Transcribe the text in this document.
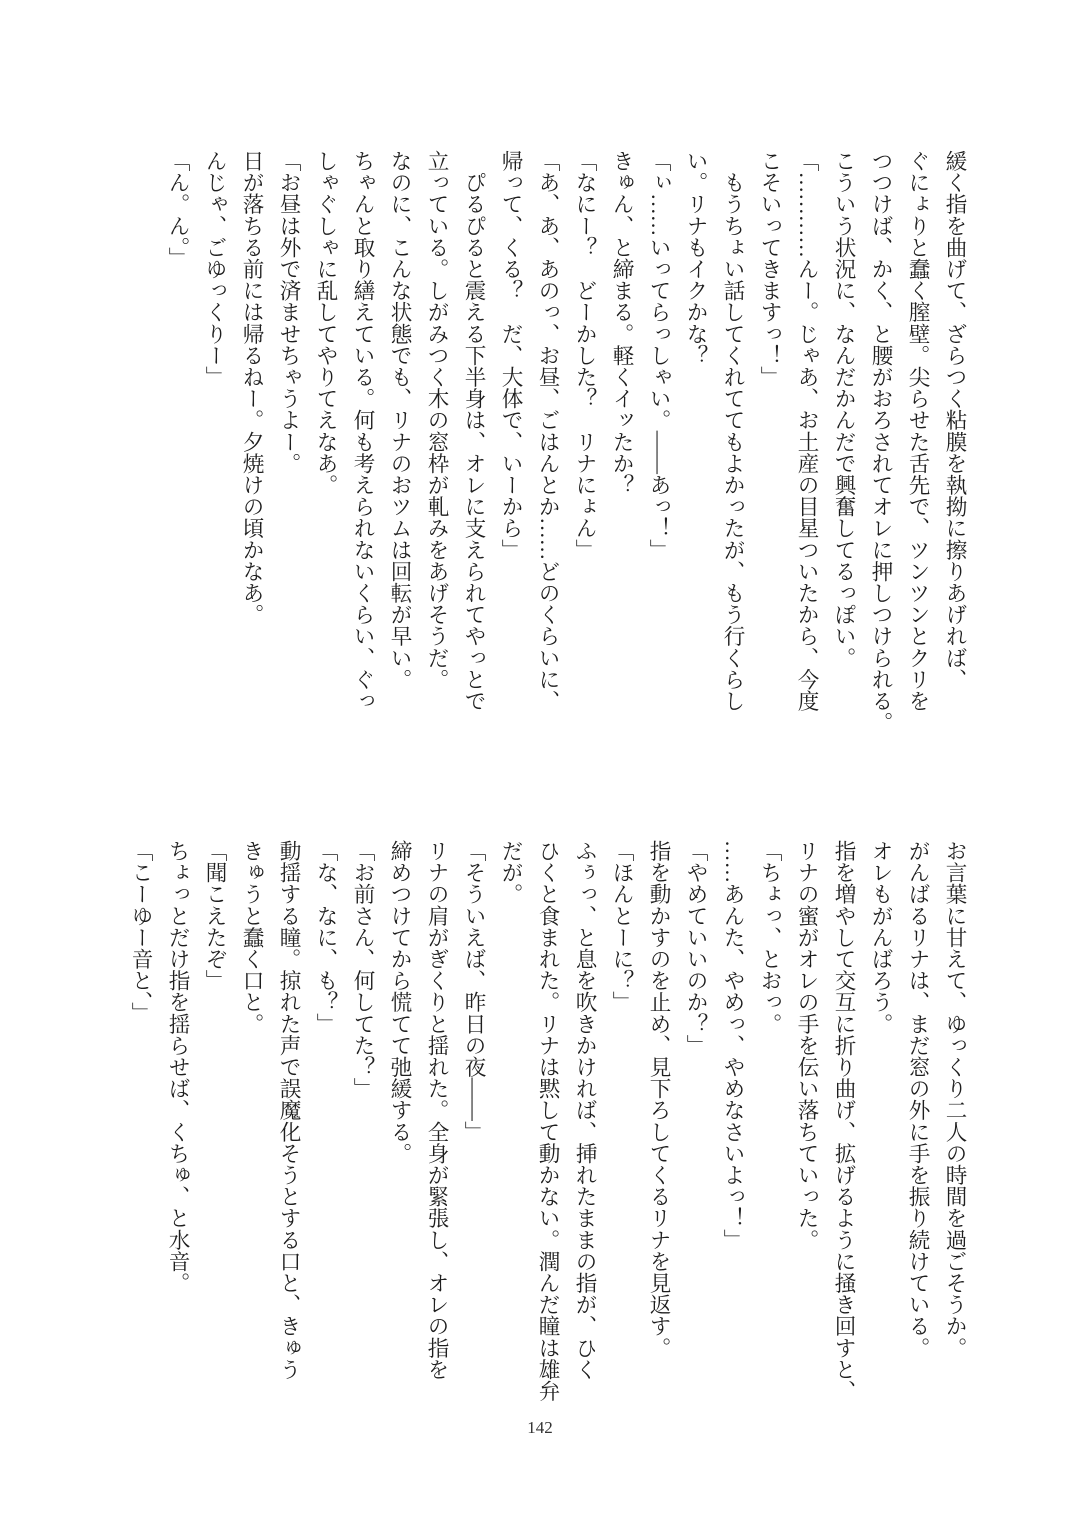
緩く指を曲げて、ざらつく粘膜を執拗に擦りあげれば、
ぐにょりと蠢く膣壁。尖らせた舌先で、ツンツンとクリを
つつけば、かく、と腰がおろされてオレに押しつけられる。
こういう状況に、なんだかんだで興奮してるっぽい。
「…………んー。じゃあ、お土産の目星ついたから、今度
こそいってきますっ！」
　もうちょい話してくれててもよかったが、もう行くらし
い。リナもイクかな？
「ぃ……いってらっしゃい。――あっ！」
きゅん、と締まる。軽くイッたか？
「なにー？　どーかした？　リナにょん」
「あ、あ、あのっ、お昼、ごはんとか……どのくらいに、
帰って、くる？　だ、大体で、いーから」
　ぴるぴると震える下半身は、オレに支えられてやっとで
立っている。しがみつく木の窓枠が軋みをあげそうだ。
なのに、こんな状態でも、リナのおツムは回転が早い。
ちゃんと取り繕えている。何も考えられないくらい、ぐっ
しゃぐしゃに乱してやりてえなあ。
「お昼は外で済ませちゃうよー。
日が落ちる前には帰るねー。夕焼けの頃かなあ。
んじゃ、ごゆっくりー」
「ん。ん。」
お言葉に甘えて、ゆっくり二人の時間を過ごそうか。
がんばるリナは、まだ窓の外に手を振り続けている。
オレもがんばろう。
指を増やして交互に折り曲げ、拡げるように掻き回すと、
リナの蜜がオレの手を伝い落ちていった。
「ちょっ、とおっ。
……あんた、やめっ、やめなさいよっ！」
「やめていいのか？」
指を動かすのを止め、見下ろしてくるリナを見返す。
「ほんとーに？」
ふぅっ、と息を吹きかければ、挿れたままの指が、ひく
ひくと食まれた。リナは黙して動かない。潤んだ瞳は雄弁
だが。
「そういえば、昨日の夜――」
リナの肩がぎくりと揺れた。全身が緊張し、オレの指を
締めつけてから慌てて弛緩する。
「お前さん、何してた？」
「な、なに、も？」
動揺する瞳。掠れた声で誤魔化そうとする口と、きゅう
きゅうと蠢く口と。
「聞こえたぞ」
ちょっとだけ指を揺らせば、くちゅ、と水音。
「こーゆー音と、」
142
